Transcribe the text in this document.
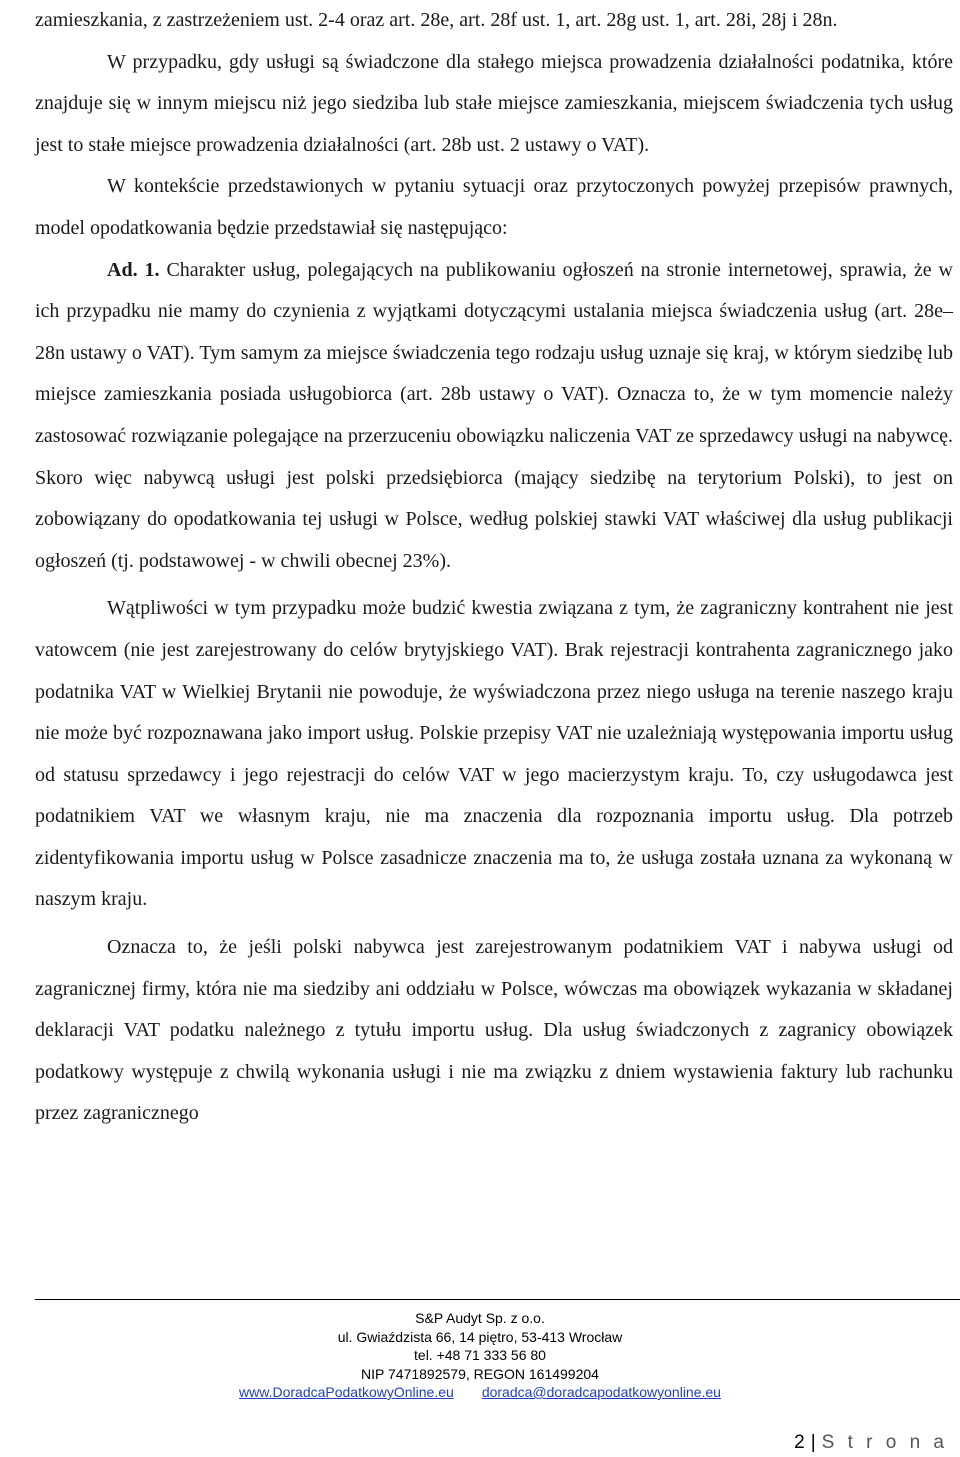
zamieszkania, z zastrzeżeniem ust. 2-4 oraz art. 28e, art. 28f ust. 1, art. 28g ust. 1, art. 28i, 28j i 28n.

W przypadku, gdy usługi są świadczone dla stałego miejsca prowadzenia działalności podatnika, które znajduje się w innym miejscu niż jego siedziba lub stałe miejsce zamieszkania, miejscem świadczenia tych usług jest to stałe miejsce prowadzenia działalności (art. 28b ust. 2 ustawy o VAT).

W kontekście przedstawionych w pytaniu sytuacji oraz przytoczonych powyżej przepisów prawnych, model opodatkowania będzie przedstawiał się następująco:

Ad. 1. Charakter usług, polegających na publikowaniu ogłoszeń na stronie internetowej, sprawia, że w ich przypadku nie mamy do czynienia z wyjątkami dotyczącymi ustalania miejsca świadczenia usług (art. 28e–28n ustawy o VAT). Tym samym za miejsce świadczenia tego rodzaju usług uznaje się kraj, w którym siedzibę lub miejsce zamieszkania posiada usługobiorca (art. 28b ustawy o VAT). Oznacza to, że w tym momencie należy zastosować rozwiązanie polegające na przerzuceniu obowiązku naliczenia VAT ze sprzedawcy usługi na nabywcę. Skoro więc nabywcą usługi jest polski przedsiębiorca (mający siedzibę na terytorium Polski), to jest on zobowiązany do opodatkowania tej usługi w Polsce, według polskiej stawki VAT właściwej dla usług publikacji ogłoszeń (tj. podstawowej - w chwili obecnej 23%).

Wątpliwości w tym przypadku może budzić kwestia związana z tym, że zagraniczny kontrahent nie jest vatowcem (nie jest zarejestrowany do celów brytyjskiego VAT). Brak rejestracji kontrahenta zagranicznego jako podatnika VAT w Wielkiej Brytanii nie powoduje, że wyświadczona przez niego usługa na terenie naszego kraju nie może być rozpoznawana jako import usług. Polskie przepisy VAT nie uzależniają występowania importu usług od statusu sprzedawcy i jego rejestracji do celów VAT w jego macierzystym kraju. To, czy usługodawca jest podatnikiem VAT we własnym kraju, nie ma znaczenia dla rozpoznania importu usług. Dla potrzeb zidentyfikowania importu usług w Polsce zasadnicze znaczenia ma to, że usługa została uznana za wykonaną w naszym kraju.

Oznacza to, że jeśli polski nabywca jest zarejestrowanym podatnikiem VAT i nabywa usługi od zagranicznej firmy, która nie ma siedziby ani oddziału w Polsce, wówczas ma obowiązek wykazania w składanej deklaracji VAT podatku należnego z tytułu importu usług. Dla usług świadczonych z zagranicy obowiązek podatkowy występuje z chwilą wykonania usługi i nie ma związku z dniem wystawienia faktury lub rachunku przez zagranicznego

S&P Audyt Sp. z o.o.
ul. Gwiaździsta 66, 14 piętro, 53-413 Wrocław
tel. +48 71 333 56 80
NIP 7471892579, REGON 161499204
www.DoradcaPodatkowyOnline.eu doradca@doradcapodatkowyonline.eu
2 | S t r o n a
